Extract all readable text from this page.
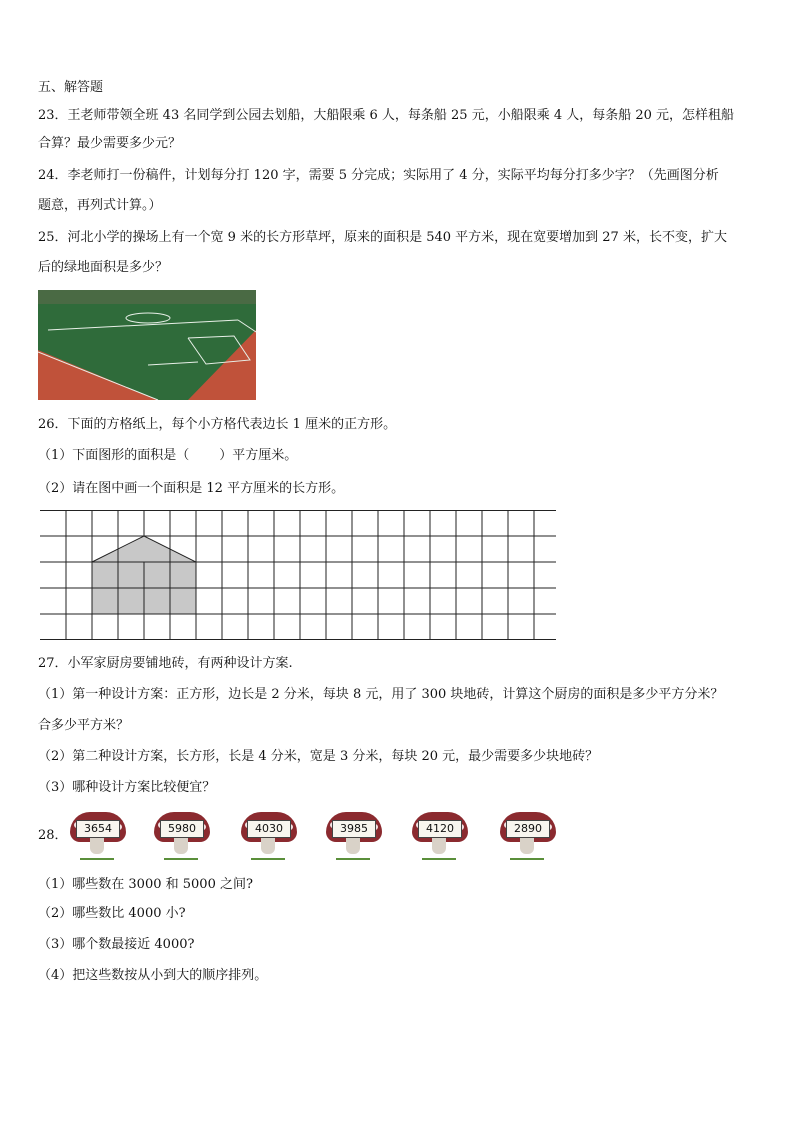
五、解答题
23．王老师带领全班 43 名同学到公园去划船，大船限乘 6 人，每条船 25 元，小船限乘 4 人，每条船 20 元，怎样租船
合算？最少需要多少元？
24．李老师打一份稿件，计划每分打 120 字，需要 5 分完成；实际用了 4 分，实际平均每分打多少字？（先画图分析
题意，再列式计算。）
25．河北小学的操场上有一个宽 9 米的长方形草坪，原来的面积是 540 平方米，现在宽要增加到 27 米，长不变，扩大
后的绿地面积是多少？
26．下面的方格纸上，每个小方格代表边长 1 厘米的正方形。
（1）下面图形的面积是（ ）平方厘米。
（2）请在图中画一个面积是 12 平方厘米的长方形。
27．小军家厨房要铺地砖，有两种设计方案.
（1）第一种设计方案：正方形，边长是 2 分米，每块 8 元，用了 300 块地砖，计算这个厨房的面积是多少平方分米？
合多少平方米？
（2）第二种设计方案，长方形，长是 4 分米，宽是 3 分米，每块 20 元，最少需要多少块地砖？
（3）哪种设计方案比较便宜？
28．	3654	5980	4030	3985	4120	2890
（1）哪些数在 3000 和 5000 之间?
（2）哪些数比 4000 小?
（3）哪个数最接近 4000?
（4）把这些数按从小到大的顺序排列。
